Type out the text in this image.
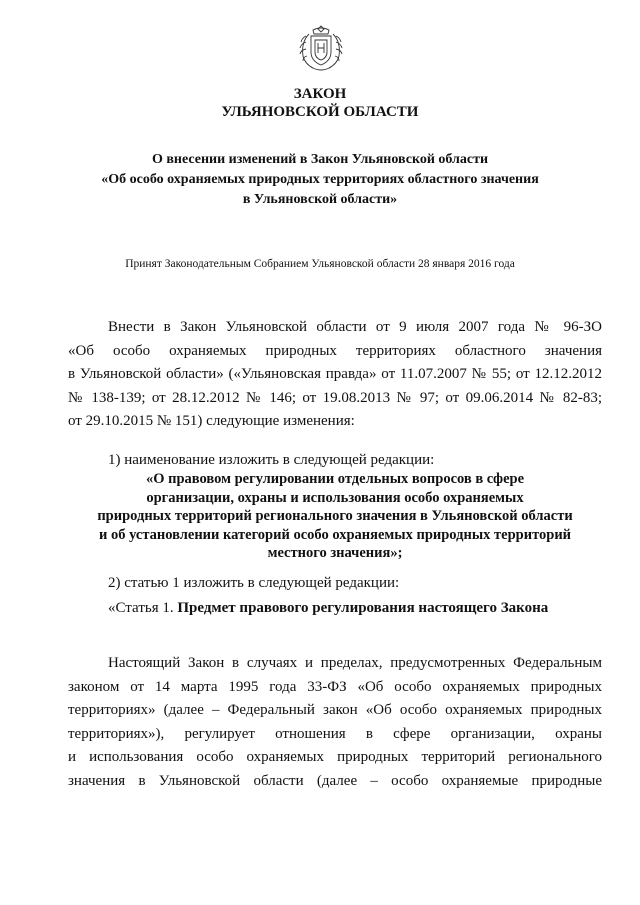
ЗАКОН
УЛЬЯНОВСКОЙ ОБЛАСТИ
О внесении изменений в Закон Ульяновской области
«Об особо охраняемых природных территориях областного значения
в Ульяновской области»
Принят Законодательным Собранием Ульяновской области 28 января 2016 года
Внести в Закон Ульяновской области от 9 июля 2007 года № 96-ЗО
«Об особо охраняемых природных территориях областного значения
в Ульяновской области» («Ульяновская правда» от 11.07.2007 № 55; от 12.12.2012
№ 138-139; от 28.12.2012 № 146; от 19.08.2013 № 97; от 09.06.2014 № 82-83;
от 29.10.2015 № 151) следующие изменения:
1) наименование изложить в следующей редакции:
«О правовом регулировании отдельных вопросов в сфере
организации, охраны и использования особо охраняемых
природных территорий регионального значения в Ульяновской области
и об установлении категорий особо охраняемых природных территорий
местного значения»;
2) статью 1 изложить в следующей редакции:
«Статья 1. Предмет правового регулирования настоящего Закона
Настоящий Закон в случаях и пределах, предусмотренных Федеральным
законом от 14 марта 1995 года 33-ФЗ «Об особо охраняемых природных
территориях» (далее – Федеральный закон «Об особо охраняемых природных
территориях»), регулирует отношения в сфере организации, охраны
и использования особо охраняемых природных территорий регионального
значения в Ульяновской области (далее – особо охраняемые природные
